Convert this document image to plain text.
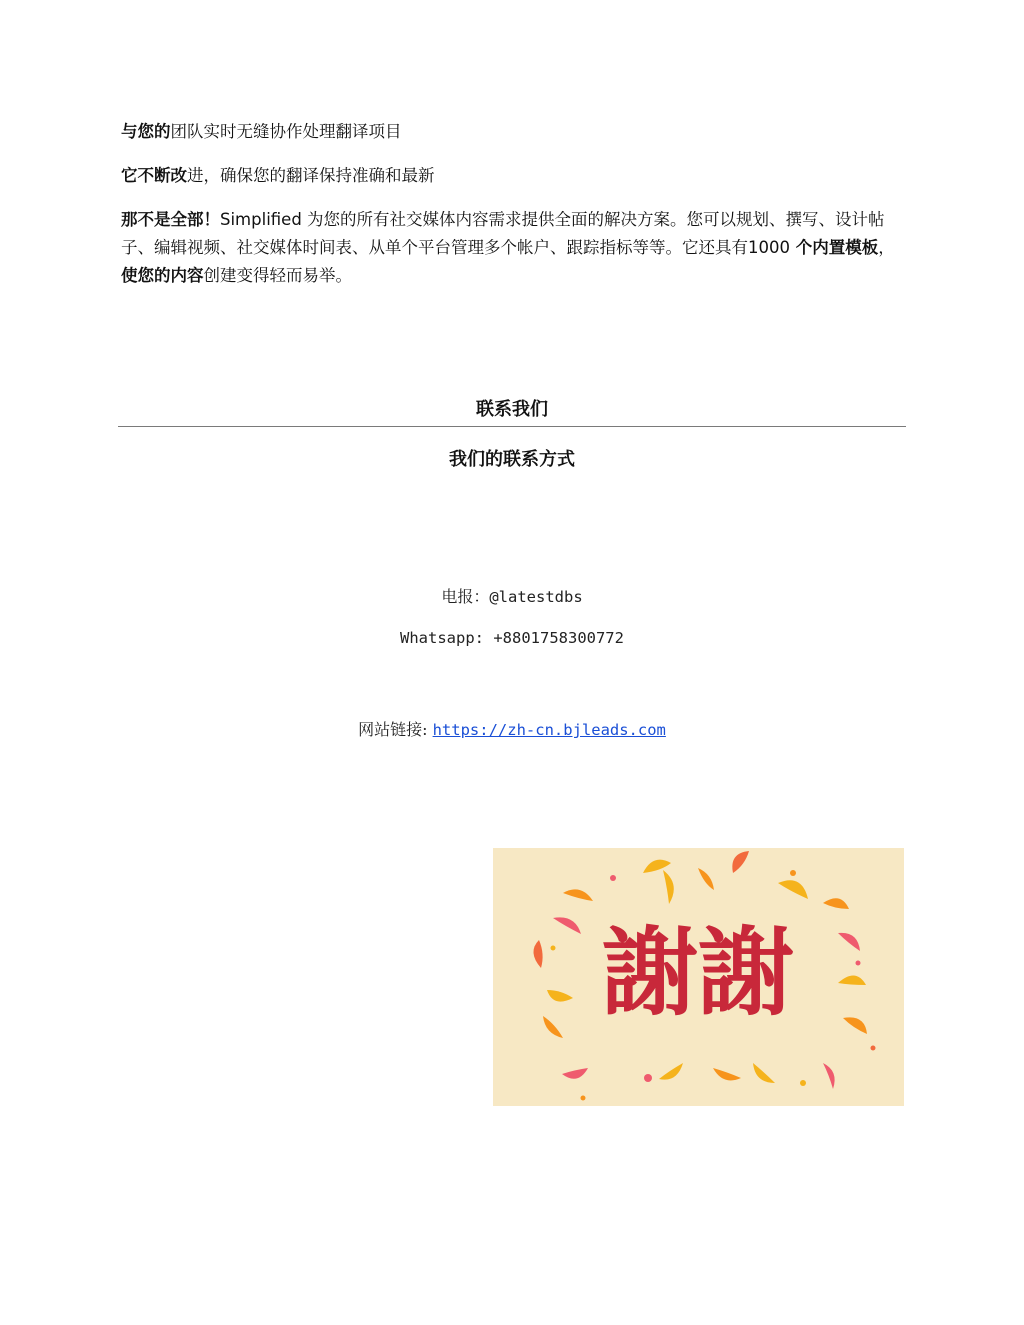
与您的团队实时无缝协作处理翻译项目

它不断改进，确保您的翻译保持准确和最新

那不是全部！Simplified 为您的所有社交媒体内容需求提供全面的解决方案。您可以规划、撰写、设计帖子、编辑视频、社交媒体时间表、从单个平台管理多个帐户、跟踪指标等等。它还具有1000 个内置模板，使您的内容创建变得轻而易举。

联系我们
我们的联系方式

电报：@latestdbs

Whatsapp: +8801758300772

网站链接: https://zh-cn.bjleads.com

謝謝
